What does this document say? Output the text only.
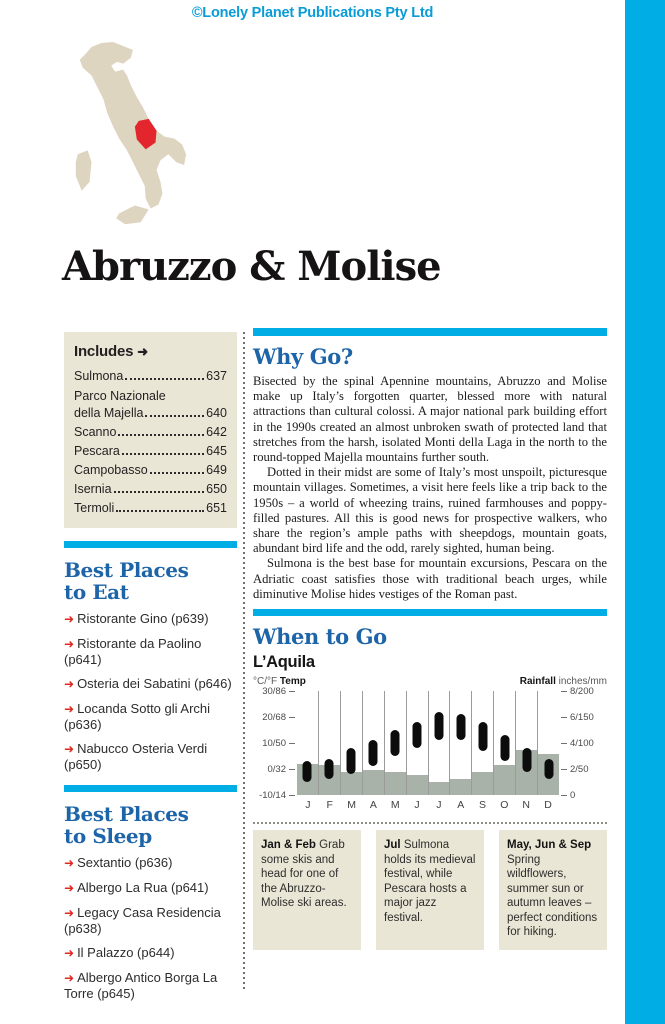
©Lonely Planet Publications Pty Ltd
Abruzzo & Molise
Includes ➜
Sulmona	637
Parco Nazionale
della Majella	640
Scanno	642
Pescara	645
Campobasso	649
Isernia	650
Termoli	651
Best Places
to Eat
➜ Ristorante Gino (p639)
➜ Ristorante da Paolino (p641)
➜ Osteria dei Sabatini (p646)
➜ Locanda Sotto gli Archi (p636)
➜ Nabucco Osteria Verdi (p650)
Best Places
to Sleep
➜ Sextantio (p636)
➜ Albergo La Rua (p641)
➜ Legacy Casa Residencia (p638)
➜ Il Palazzo (p644)
➜ Albergo Antico Borga La Torre (p645)
Why Go?

Bisected by the spinal Apennine mountains, Abruzzo and Molise make up Italy’s forgotten quarter, blessed more with natural attractions than cultural colossi. A major national park building effort in the 1990s created an almost unbroken swath of protected land that stretches from the harsh, isolated Monti della Laga in the north to the round-topped Majella mountains further south.

Dotted in their midst are some of Italy’s most unspoilt, picturesque mountain villages. Sometimes, a visit here feels like a trip back to the 1950s – a world of wheezing trains, ruined farmhouses and poppy-filled pastures. All this is good news for prospective walkers, who share the region’s ample paths with sheepdogs, mountain goats, abundant bird life and the odd, rarely sighted, human being.

Sulmona is the best base for mountain excursions, Pescara on the Adriatic coast satisfies those with traditional beach urges, while diminutive Molise hides vestiges of the Roman past.

When to Go
L’Aquila
°C/°F Temp	Rainfall inches/mm
J	F	M	A	M	J	J	A	S	O	N	D
30/86
20/68
10/50
0/32
-10/14
8/200
6/150
4/100
2/50
0
Jan & Feb Grab some skis and head for one of the Abruzzo-Molise ski areas.
Jul Sulmona holds its medieval festival, while Pescara hosts a major jazz festival.
May, Jun & Sep Spring wildflowers, summer sun or autumn leaves – perfect conditions for hiking.
